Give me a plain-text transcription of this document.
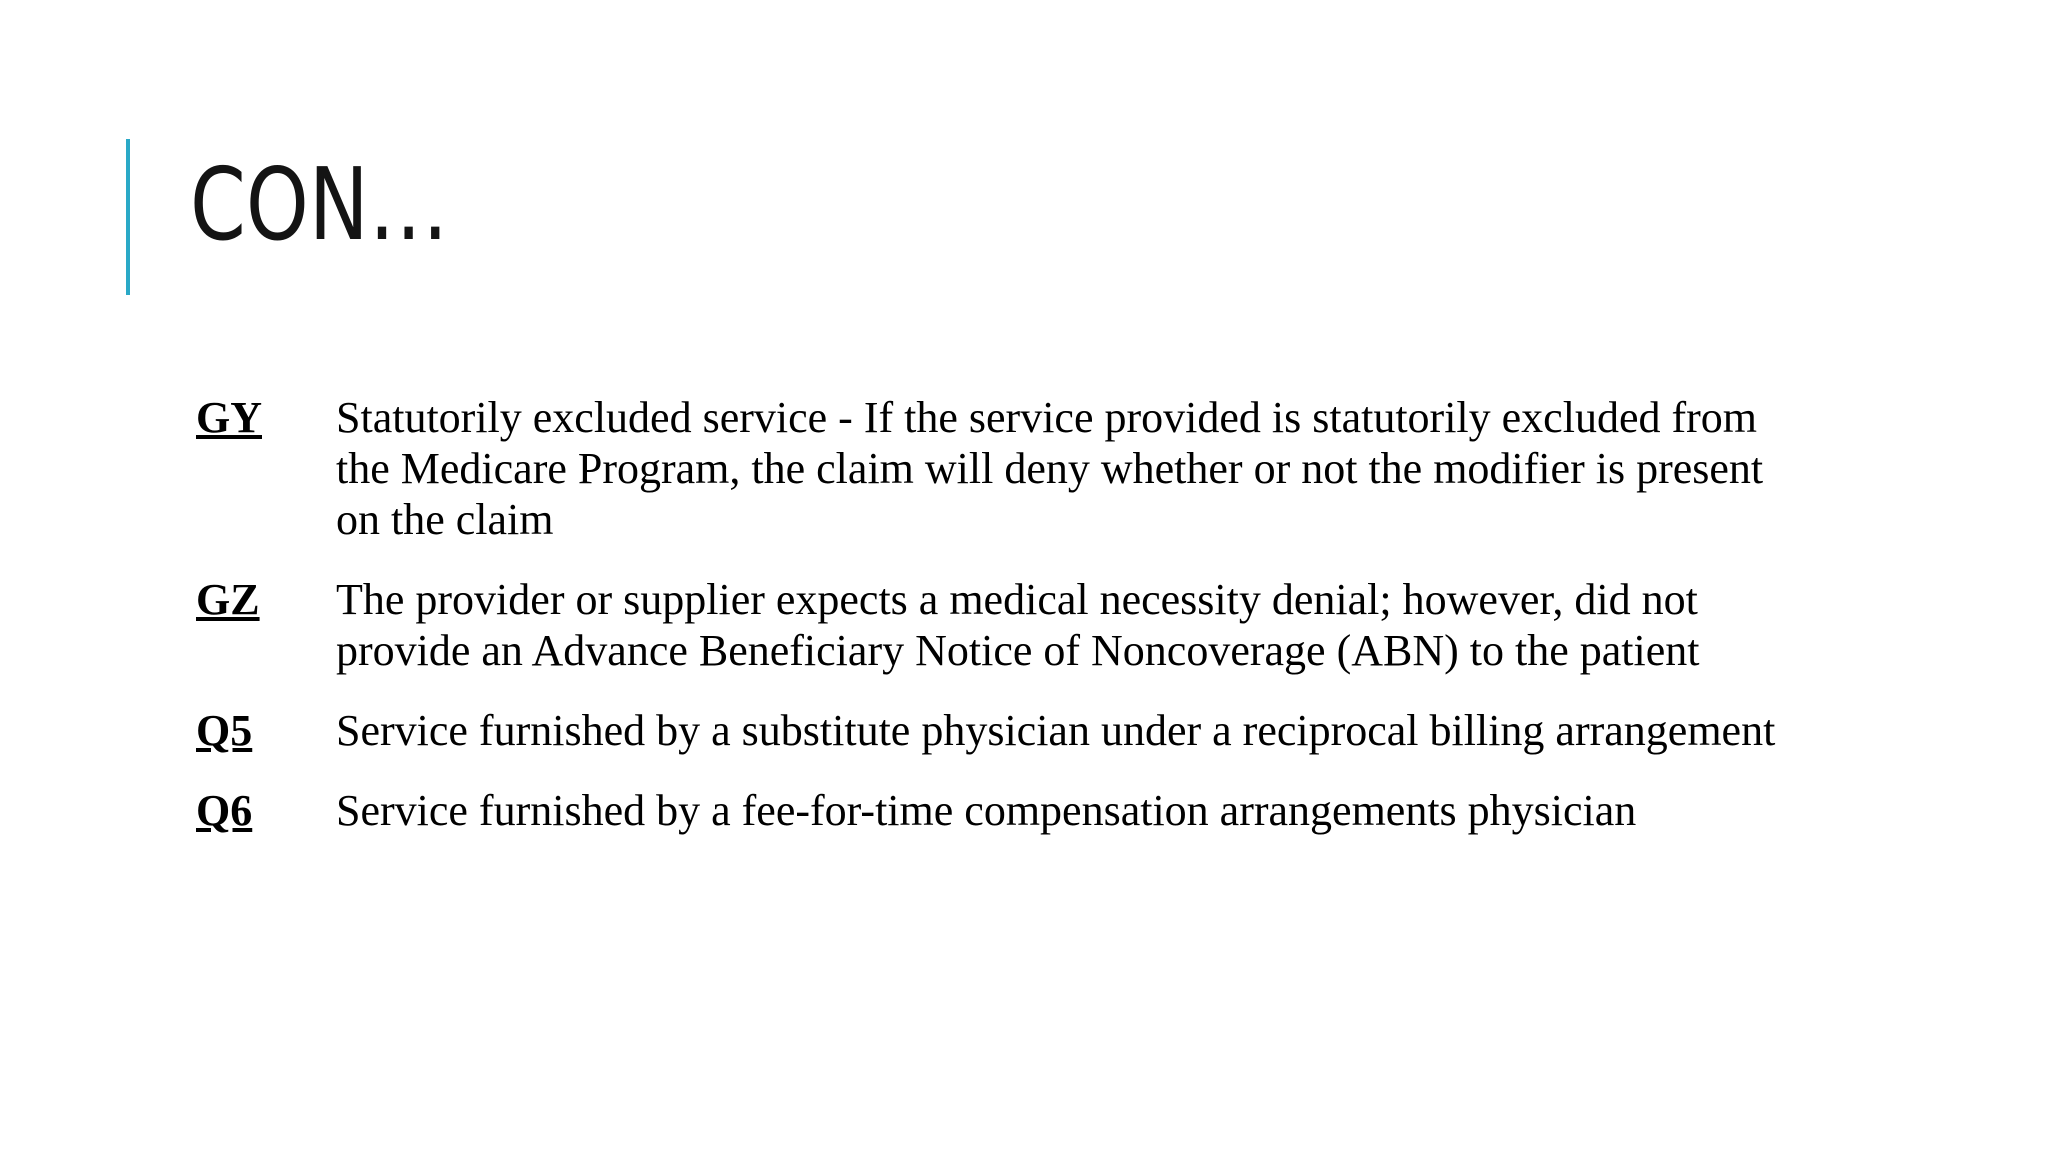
CON…
GY	Statutorily excluded service - If the service provided is statutorily excluded from the Medicare Program, the claim will deny whether or not the modifier is present on the claim
GZ	The provider or supplier expects a medical necessity denial; however, did not provide an Advance Beneficiary Notice of Noncoverage (ABN) to the patient
Q5	Service furnished by a substitute physician under a reciprocal billing arrangement
Q6	Service furnished by a fee-for-time compensation arrangements physician
